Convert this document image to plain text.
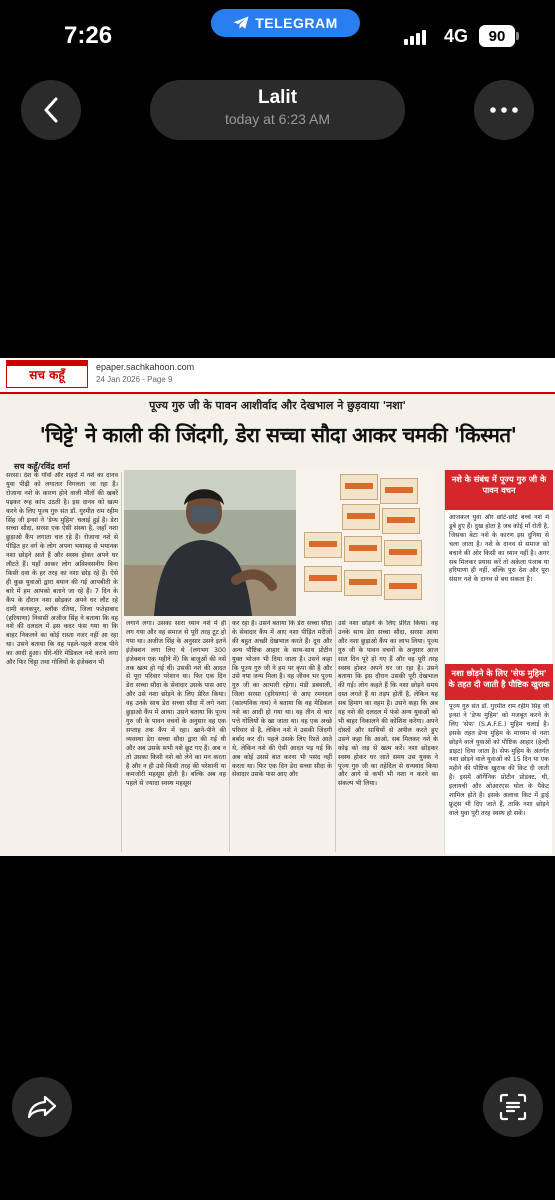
7:26	TELEGRAM
4G 90
Lalit
today at 6:23 AM
सच कहूँ
epaper.sachkahoon.com
24 Jan 2026 - Page 9
पूज्य गुरु जी के पावन आशीर्वाद और देखभाल ने छुड़वाया 'नशा'
'चिट्टे' ने काली की जिंदगी, डेरा सच्चा सौदा आकर चमकी 'किस्मत'
सच कहूँ/रविंद्र शर्मा
सरसा। देश के गाँवों और शहरों में नशे का दानव युवा पीढ़ी को लगातार निगलता जा रहा है। रोजाना नशे के कारण होने वाली मौतों की खबरें पढ़कर रूह कांप उठती है। इस दानव को खत्म करने के लिए पूज्य गुरु संत डॉ. गुरमीत राम रहीम सिंह जी इन्सां ने 'डेप्थ मुहिम' चलाई हुई है। डेरा सच्चा सौदा, सरसा एक ऐसी संस्था है, जहाँ नशा छुड़ाओ कैंप लगाता चल रहे हैं। रोजाना नशे से पीड़ित हर वर्ग के लोग अपना भयावह से भयानक नशा छोड़ने आते हैं और स्वस्थ होकर अपने घर लौटते हैं। यहाँ आकर लोग अविश्वसनीय बिना किसी दवा के हर तरह का नशा छोड़ रहे हैं। ऐसे ही कुछ युवाओं द्वारा बयान की गई आपबीती के बारे में हम आपको बताने जा रहे हैं। 7 दिन के कैंप के दौरान नशा छोड़कर अपने घर लौट रहे दामी कनकपुर, ब्लॉक रतिया, जिला फतेहाबाद (हरियाणा) निवासी अजीज सिंह ने बताया कि वह नशे की दलदल में इस कदर फंस गया था कि बाहर निकलने का कोई रास्ता नजर नहीं आ रहा था। उसने बताया कि वह पहले-पहले शराब पीने का आदी हुआ। धीरे-धीरे मेडिकल नशे करने लगा और फिर चिट्टा तथा गोलियों के इंजेक्शन भी
लगाने लगा। उसका सारा ध्यान नशे में ही लग गया और वह समाज से पूरी तरह टूट हो गया था। अजीज सिंह के अनुसार उसने इतने इंजेक्शन लगा लिए थे (लगभग 300 इंजेक्शन एक महीने में) कि बाजुओं की नसें तक खत्म हो गई थीं। उसकी नशे की आदत से पूरा परिवार परेशान था। फिर एक दिन डेरा सच्चा सौदा के सेवादार उसके पास आए और उसे नशा छोड़ने के लिए प्रेरित किया। वह उनके साथ डेरा सच्चा सौदा में लगे नशा छुड़ाओ कैंप में आया। उसने बताया कि पूज्य गुरु जी के पावन वचनों के अनुसार वह एक सप्ताह तक कैंप में रहा। खाने-पीने की व्यवस्था डेरा सच्चा सौदा द्वारा की गई थी और अब उसके सभी नशे छूट गए हैं। अब न तो उसका किसी नशे को लेने का मन करता है और न ही उसे किसी तरह की परेशानी या कमजोरी महसूस होती है। बल्कि अब वह पहले से ज्यादा स्वस्थ महसूस
कर रहा है। उसने बताया कि डेरा सच्चा सौदा के सेवादार कैंप में आए नशा पीड़ित मरीजों की बहुत अच्छी देखभाल करते हैं। दूध और अन्य पौष्टिक आहार के साथ-साथ प्रोटीन युक्त भोजन भी दिया जाता है। उसने कहा कि पूज्य गुरु जी ने हम पर कृपा की है और उसे नया जन्म मिला है। वह जीवन भर पूज्य गुरु जी का आभारी रहेगा। मंडी डबवाली, जिला सरसा (हरियाणा) से आए रमनदल (काल्पनिक नाम) ने बताया कि वह मेडिकल नशे का आदी हो गया था। वह तीन से चार पत्ते गोलियों के खा जाता था। वह एक अच्छे परिवार से है, लेकिन नशे ने उसकी जिंदगी बर्बाद कर दी। पहले उसके लिए रिश्ते आते थे, लेकिन नशे की ऐसी आदत पड़ गई कि अब कोई उससे बात करना भी पसंद नहीं करता था। फिर एक दिन डेरा सच्चा सौदा के सेवादार उसके पास आए और
उसे नशा छोड़ने के लिए प्रेरित किया। वह उनके साथ डेरा सच्चा सौदा, सरसा आया और नशा छुड़ाओ कैंप का लाभ लिया। पूज्य गुरु जी के पावन वचनों के अनुसार आज सात दिन पूरे हो गए हैं और वह पूरी तरह स्वस्थ होकर अपने घर जा रहा है। उसने बताया कि इस दौरान उसकी पूरी देखभाल की गई। लोग कहते हैं कि नशा छोड़ने समय दस्त लगते हैं या तड़प होती है, लेकिन यह सब हिमाग का वहम है। उसने कहा कि अब वह नशे की दलदल में फंसे अन्य युवाओं को भी बाहर निकालने की कोशिश करेगा। अपने दोस्तों और साथियों से अपील करते हुए उसने कहा कि आओ, सब मिलकर नशे के कोढ़ को जड़ से खत्म करें। नशा छोड़कर स्वस्थ होकर घर जाते समय उस युवक ने पूज्य गुरु जी का तहेदिल से धन्यवाद किया और आगे से कभी भी नशा न करने का संकल्प भी लिया।
नशे के संबंध में पूज्य गुरु जी के पावन वचन
आजकल युवा और छोटे-छोटे बच्चे नशे में डूबे हुए हैं। दुख होता है जब कोई माँ रोती है, जिसका बेटा नशे के कारण इस दुनिया से चला जाता है। नशे के दानव से समाज को बचाने की ओर किसी का ध्यान नहीं है। अगर सब मिलकर प्रयास करें तो अकेला पंजाब या हरियाणा ही नहीं, बल्कि पूरा देश और पूरा संसार नशे के दानव से बच सकता है।
नशा छोड़ने के लिए 'सेफ मुहिम' के तहत दी जाती है पौष्टिक खुराक
पूज्य गुरु संत डॉ. गुरमीत राम रहीम सिंह जी इन्सां ने 'डेप्थ मुहिम' को मजबूत करने के लिए 'सेफ' (S.A.F.E.) मुहिम चलाई है। इसके तहत डेप्थ मुहिम के माध्यम से नशा छोड़ने वाले युवाओं को पौष्टिक आहार (हेल्दी डाइट) दिया जाता है। सेफ मुहिम के अंतर्गत नशा छोड़ने वाले युवाओं को 15 दिन या एक महीने की पौष्टिक खुराक की किट दी जाती है। इसमें ऑर्गेनिक प्रोटीन प्रोडक्ट, घी, इलायची और ओआरएस घोल के पैकेट शामिल होते हैं। इसके अलावा किट में ड्राई फ्रूट्स भी दिए जाते हैं, ताकि नशा छोड़ने वाले युवा पूरी तरह स्वस्थ हो सकें।
